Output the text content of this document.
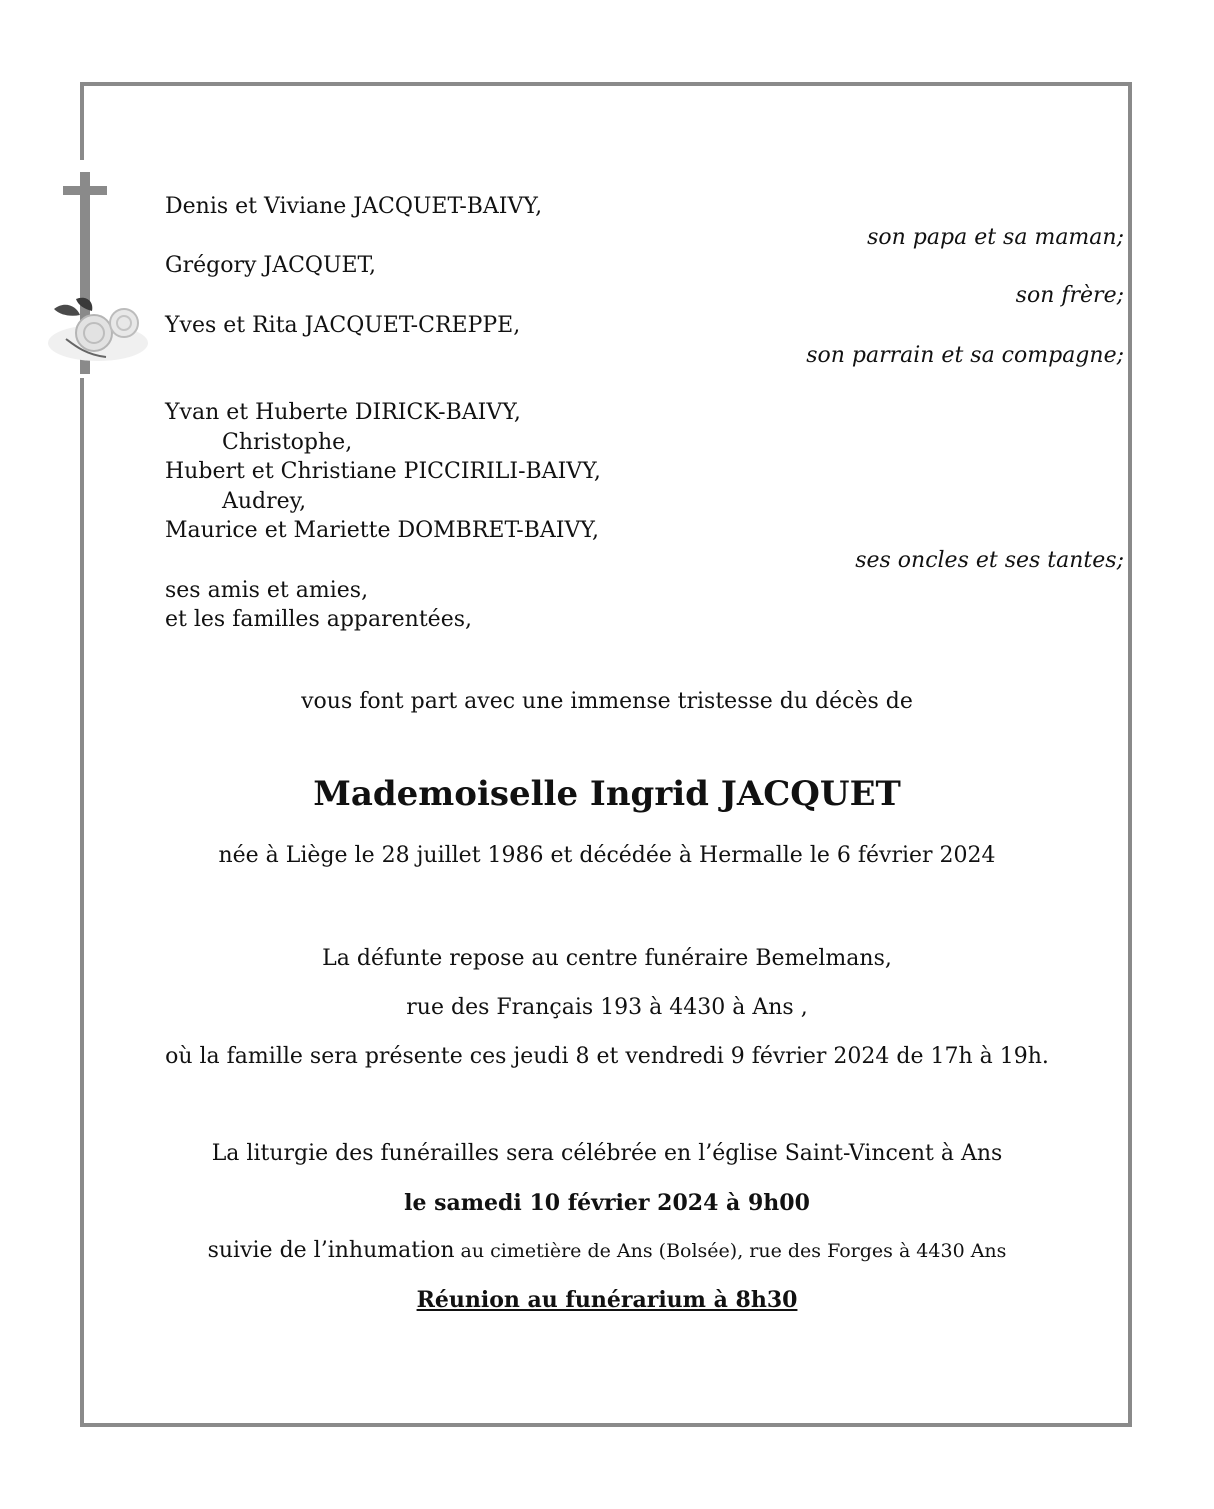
Denis et Viviane JACQUET-BAIVY,
son papa et sa maman;
Grégory JACQUET,
son frère;
Yves et Rita JACQUET-CREPPE,
son parrain et sa compagne;
Yvan et Huberte DIRICK-BAIVY,
Christophe,
Hubert et Christiane PICCIRILI-BAIVY,
Audrey,
Maurice et Mariette DOMBRET-BAIVY,
ses oncles et ses tantes;
ses amis et amies,
et les familles apparentées,
vous font part avec une immense tristesse du décès de
Mademoiselle Ingrid JACQUET
née à Liège le 28 juillet 1986 et décédée à Hermalle le 6 février 2024
La défunte repose au centre funéraire Bemelmans,
rue des Français 193 à 4430 à Ans ,
où la famille sera présente ces jeudi 8 et vendredi 9 février 2024 de 17h à 19h.
La liturgie des funérailles sera célébrée en l’église Saint-Vincent à Ans
le samedi 10 février 2024 à 9h00
suivie de l’inhumation au cimetière de Ans (Bolsée), rue des Forges à 4430 Ans
Réunion au funérarium à 8h30
